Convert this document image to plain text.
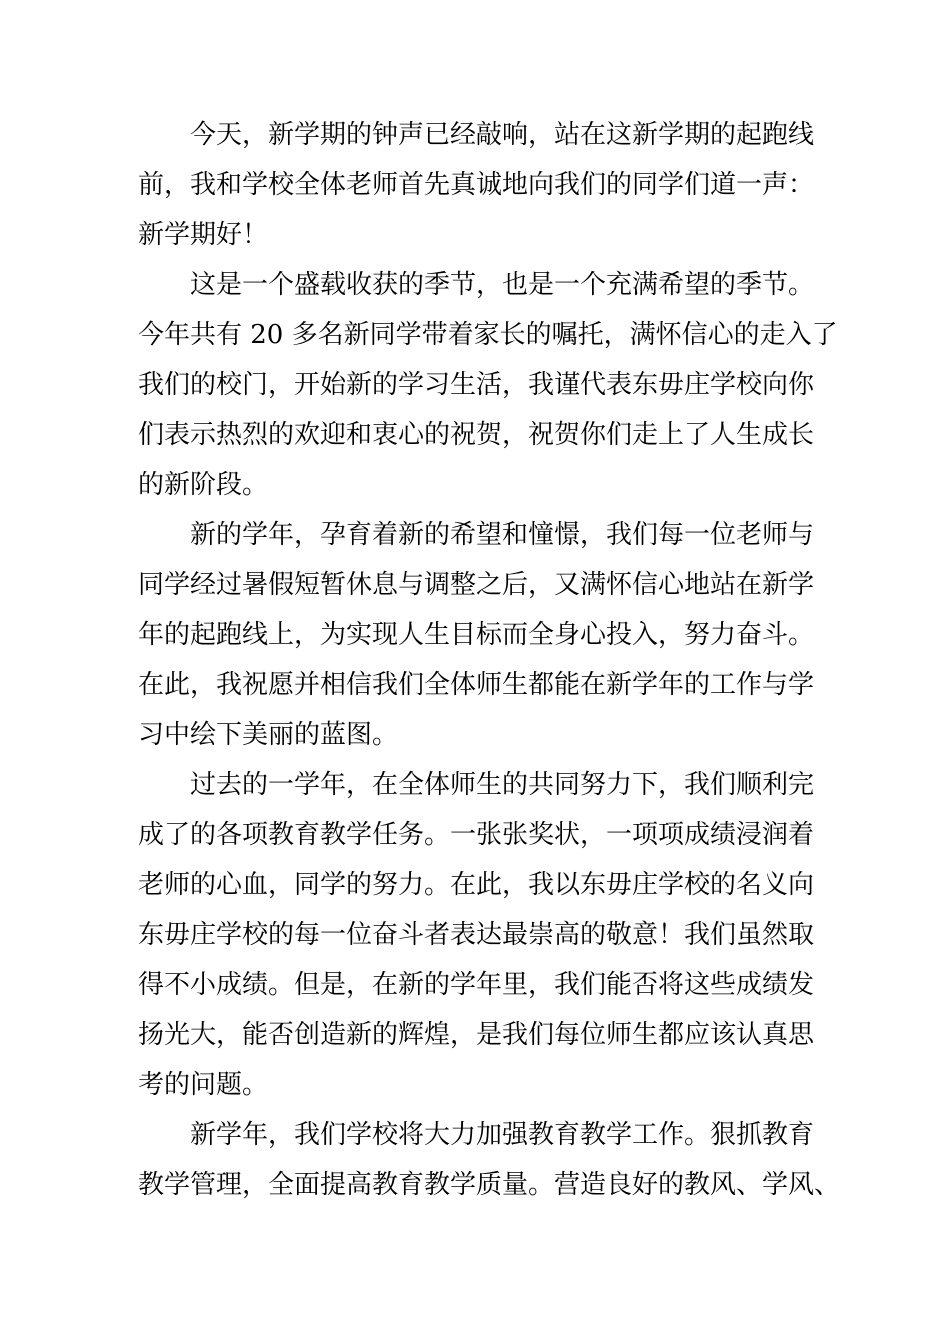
今天，新学期的钟声已经敲响，站在这新学期的起跑线
前，我和学校全体老师首先真诚地向我们的同学们道一声：
新学期好！
这是一个盛载收获的季节，也是一个充满希望的季节。
今年共有 20 多名新同学带着家长的嘱托，满怀信心的走入了
我们的校门，开始新的学习生活，我谨代表东毋庄学校向你
们表示热烈的欢迎和衷心的祝贺，祝贺你们走上了人生成长
的新阶段。
新的学年，孕育着新的希望和憧憬，我们每一位老师与
同学经过暑假短暂休息与调整之后，又满怀信心地站在新学
年的起跑线上，为实现人生目标而全身心投入，努力奋斗。
在此，我祝愿并相信我们全体师生都能在新学年的工作与学
习中绘下美丽的蓝图。
过去的一学年，在全体师生的共同努力下，我们顺利完
成了的各项教育教学任务。一张张奖状，一项项成绩浸润着
老师的心血，同学的努力。在此，我以东毋庄学校的名义向
东毋庄学校的每一位奋斗者表达最崇高的敬意！我们虽然取
得不小成绩。但是，在新的学年里，我们能否将这些成绩发
扬光大，能否创造新的辉煌，是我们每位师生都应该认真思
考的问题。
新学年，我们学校将大力加强教育教学工作。狠抓教育
教学管理，全面提高教育教学质量。营造良好的教风、学风、
